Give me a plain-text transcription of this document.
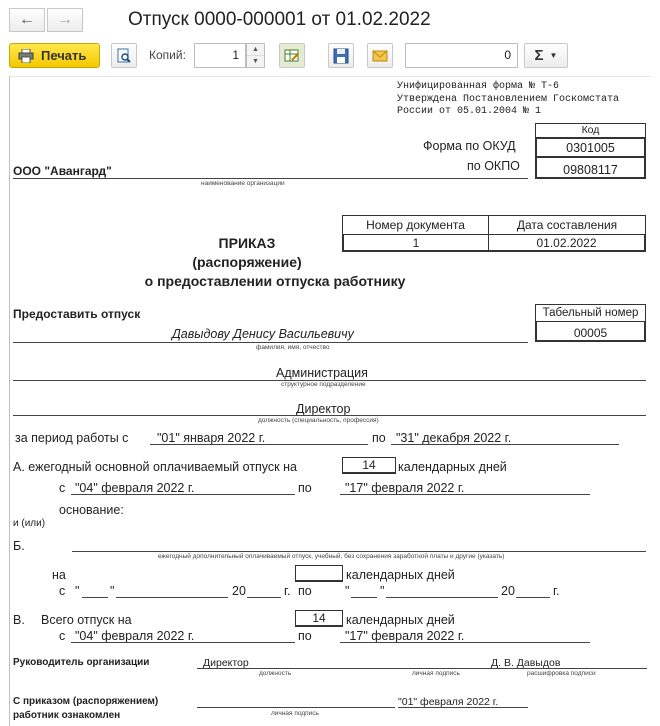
← →	Отпуск 0000-000001 от 01.02.2022
Печать	Копий:	1	▲
▼	0	Σ ▼
Унифицированная форма № Т-6
Утверждена Постановлением Госкомстата
России от 05.01.2004 № 1
Код
0301005
09808117
Форма по ОКУД
по ОКПО
ООО "Авангард"
наименование организации
Номер документа	Дата составления
1	01.02.2022
ПРИКАЗ
(распоряжение)
о предоставлении отпуска работнику
Предоставить отпуск	Табельный номер
00005
Давыдову Денису Васильевичу
фамилия, имя, отчество
Администрация
структурное подразделение
Директор
должность (специальность, профессия)
за период работы с "01" января 2022 г.	по "31" декабря 2022 г.
А. ежегодный основной оплачиваемый отпуск на	14	календарных дней
с "04" февраля 2022 г.	по	"17" февраля 2022 г.
основание:
и (или)
Б.
ежегодный дополнительный оплачиваемый отпуск, учебный, без сохранения заработной платы и другие (указать)
на	календарных дней
с " "	20	г. по	" "	20	г.
В. Всего отпуск на	14	календарных дней
с "04" февраля 2022 г.	по	"17" февраля 2022 г.
Руководитель организации	Директор
должность	личная подпись
Д. В. Давыдов
расшифровка подписи
С приказом (распоряжением)
работник ознакомлен	личная подпись
"01" февраля 2022 г.
